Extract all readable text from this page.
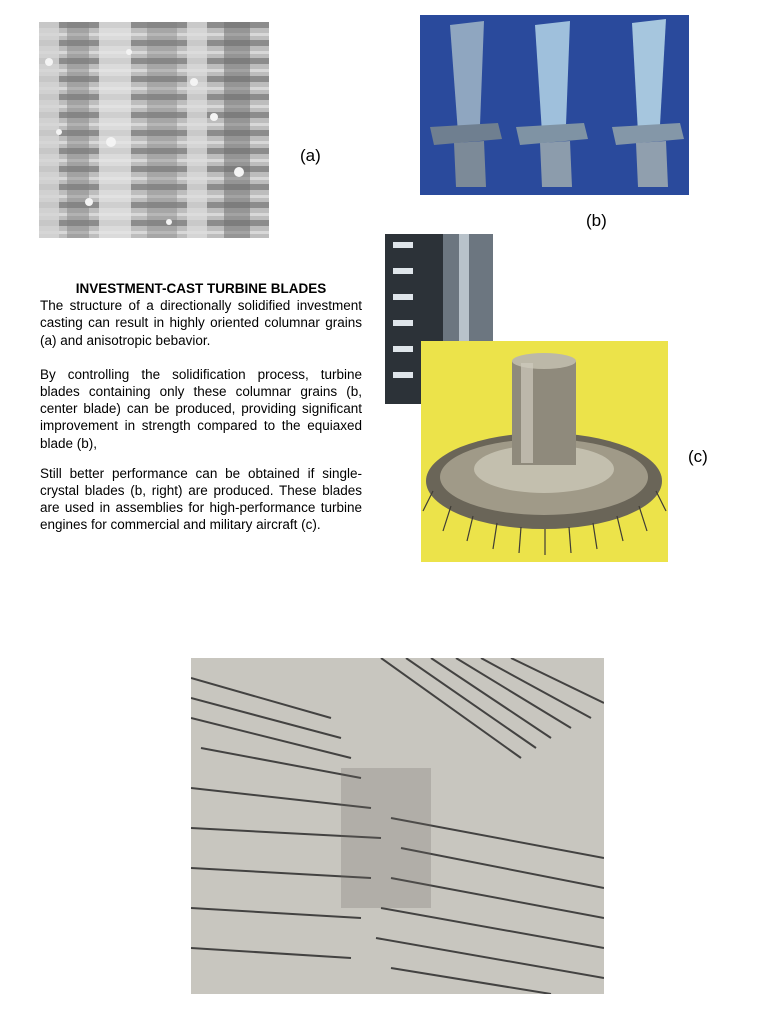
(a)
(b)
(c)

INVESTMENT-CAST TURBINE BLADES

The structure of a directionally solidified investment casting can result in highly oriented columnar grains (a) and anisotropic bebavior.

By controlling the solidification process, turbine blades containing only these columnar grains (b, center blade) can be produced, providing significant improvement in strength compared to the equiaxed blade (b),

Still better performance can be obtained if single-crystal blades (b, right) are produced. These blades are used in assemblies for high-performance turbine engines for commercial and military aircraft (c).
